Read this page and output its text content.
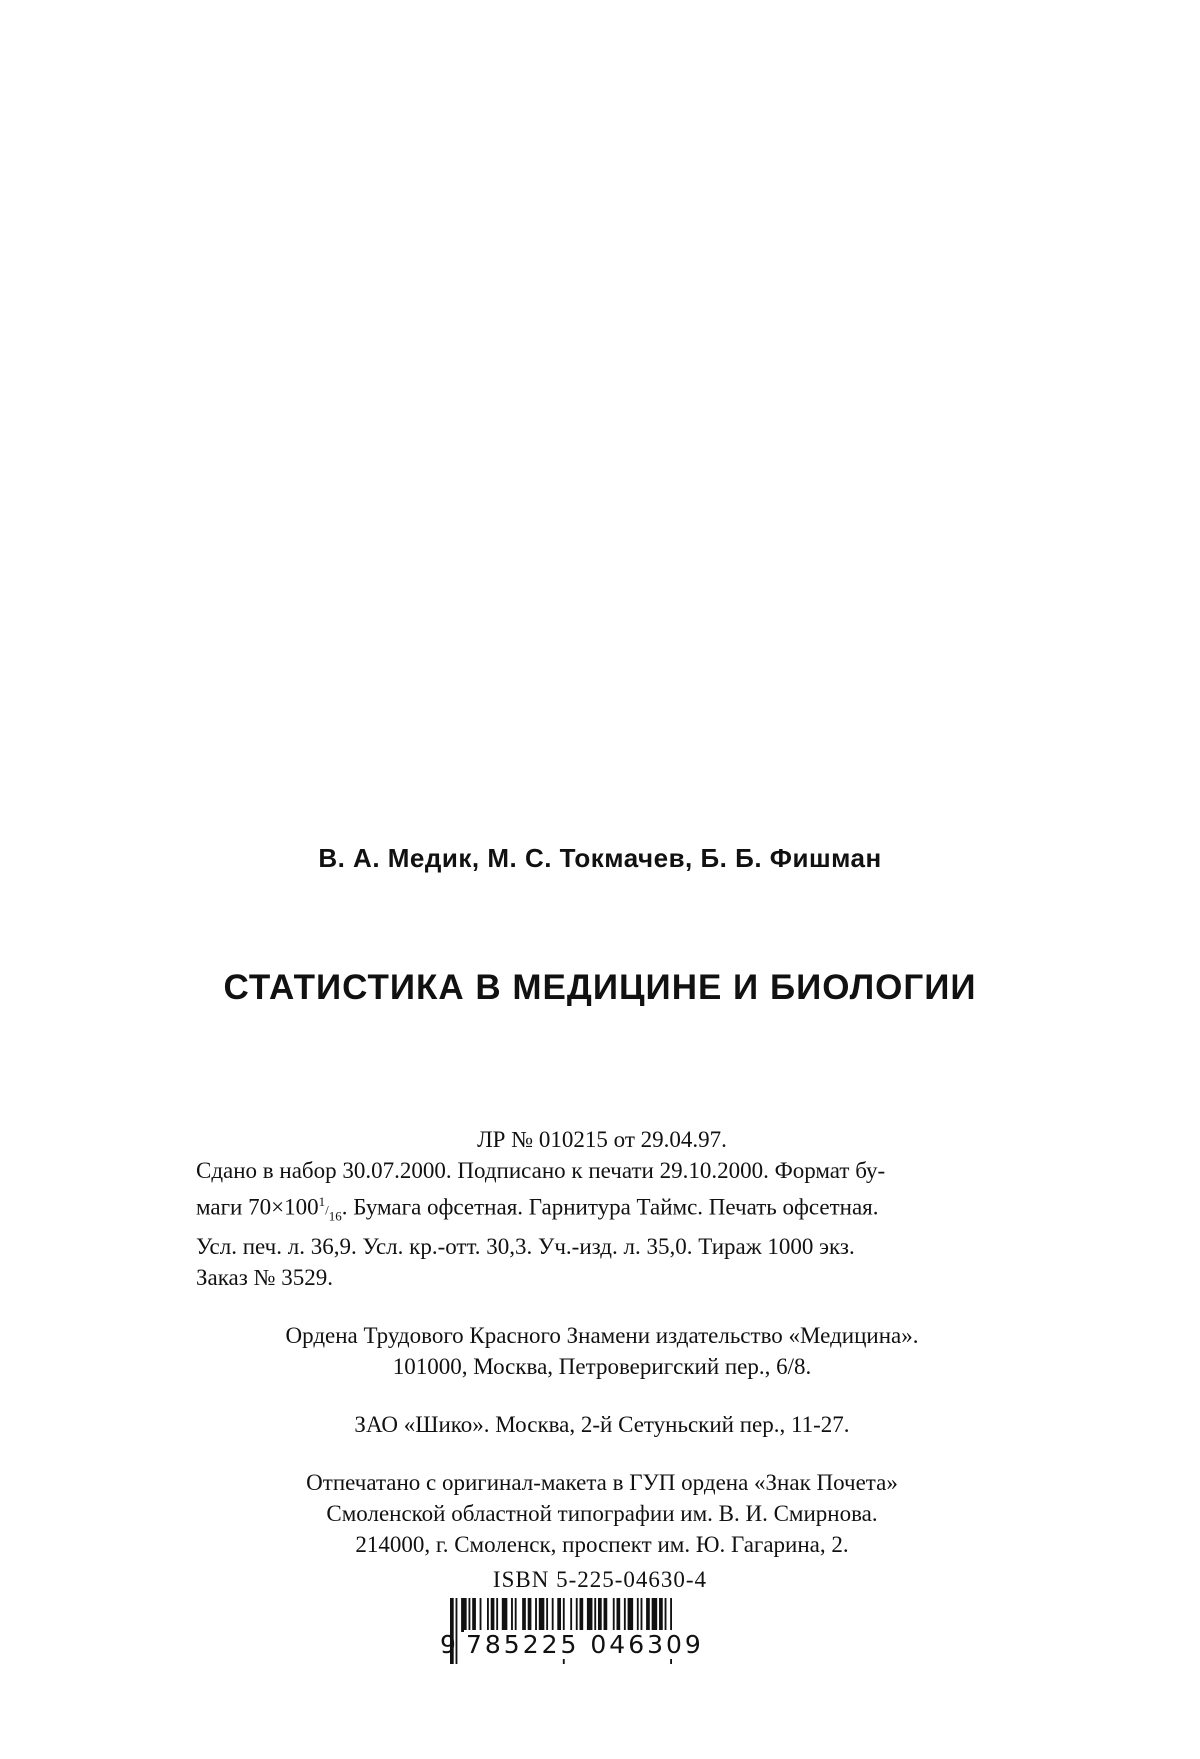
В. А. Медик, М. С. Токмачев, Б. Б. Фишман
СТАТИСТИКА В МЕДИЦИНЕ И БИОЛОГИИ

ЛР № 010215 от 29.04.97.

Сдано в набор 30.07.2000. Подписано к печати 29.10.2000. Формат бу-

маги $70\times 100^1/_{16}$. Бумага офсетная. Гарнитура Таймс. Печать офсетная.

Усл. печ. л. 36,9. Усл. кр.-отт. 30,3. Уч.-изд. л. 35,0. Тираж 1000 экз.

Заказ № 3529.

Ордена Трудового Красного Знамени издательство «Медицина».

101000, Москва, Петроверигский пер., 6/8.

ЗАО «Шико». Москва, 2-й Сетуньский пер., 11-27.

Отпечатано с оригинал-макета в ГУП ордена «Знак Почета»

Смоленской областной типографии им. В. И. Смирнова.

214000, г. Смоленск, проспект им. Ю. Гагарина, 2.

ISBN 5-225-04630-4
9 785225 046309
